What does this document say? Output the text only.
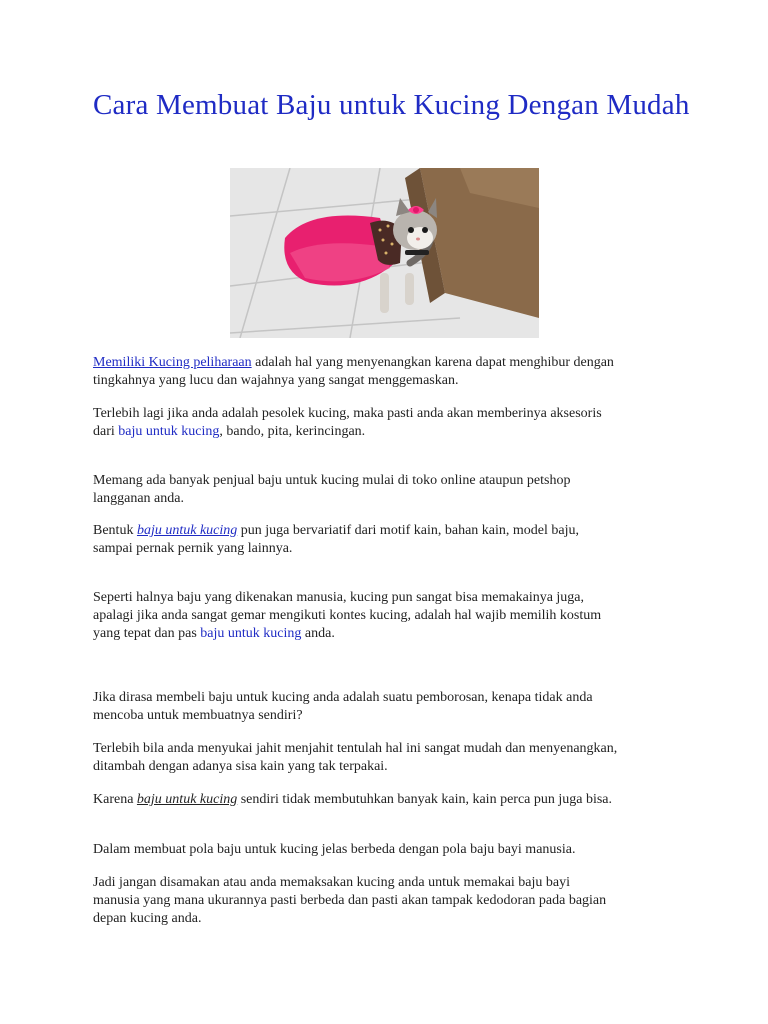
Cara Membuat Baju untuk Kucing Dengan Mudah

Memiliki Kucing peliharaan adalah hal yang menyenangkan karena dapat menghibur dengan
tingkahnya yang lucu dan wajahnya yang sangat menggemaskan.

Terlebih lagi jika anda adalah pesolek kucing, maka pasti anda akan memberinya aksesoris
dari baju untuk kucing, bando, pita, kerincingan.

Memang ada banyak penjual baju untuk kucing mulai di toko online ataupun petshop
langganan anda.

Bentuk baju untuk kucing pun juga bervariatif dari motif kain, bahan kain, model baju,
sampai pernak pernik yang lainnya.

Seperti halnya baju yang dikenakan manusia, kucing pun sangat bisa memakainya juga,
apalagi jika anda sangat gemar mengikuti kontes kucing, adalah hal wajib memilih kostum
yang tepat dan pas baju untuk kucing anda.

Jika dirasa membeli baju untuk kucing anda adalah suatu pemborosan, kenapa tidak anda
mencoba untuk membuatnya sendiri?

Terlebih bila anda menyukai jahit menjahit tentulah hal ini sangat mudah dan menyenangkan,
ditambah dengan adanya sisa kain yang tak terpakai.

Karena baju untuk kucing sendiri tidak membutuhkan banyak kain, kain perca pun juga bisa.

Dalam membuat pola baju untuk kucing jelas berbeda dengan pola baju bayi manusia.

Jadi jangan disamakan atau anda memaksakan kucing anda untuk memakai baju bayi
manusia yang mana ukurannya pasti berbeda dan pasti akan tampak kedodoran pada bagian
depan kucing anda.
